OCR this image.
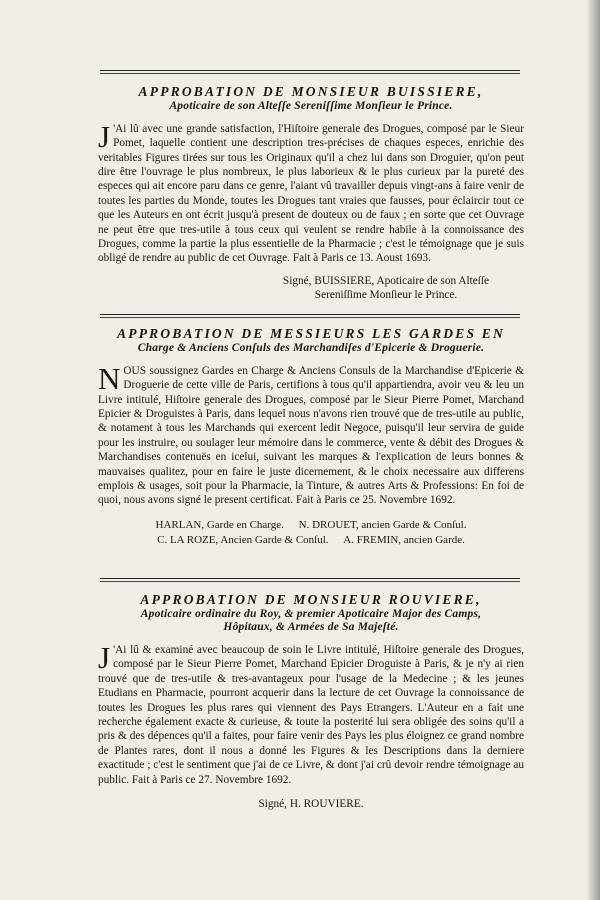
APPROBATION DE MONSIEUR BUISSIERE,
Apoticaire de son Alteſſe Sereniſſime Monſieur le Prince.
J 'Ai lû avec une grande satisfaction, l'Hiſtoire generale des Drogues, composé par le Sieur Pomet, laquelle contient une description tres-précises de chaques especes, enrichie des veritables Figures tirées sur tous les Originaux qu'il a chez lui dans son Droguier, qu'on peut dire être l'ouvrage le plus nombreux, le plus laborieux & le plus curieux par la pureté des especes qui ait encore paru dans ce genre, l'aiant vû travailler depuis vingt-ans à faire venir de toutes les parties du Monde, toutes les Drogues tant vraies que fausses, pour éclaircir tout ce que les Auteurs en ont écrit jusqu'à present de douteux ou de faux ; en sorte que cet Ouvrage ne peut être que tres-utile à tous ceux qui veulent se rendre habile à la connoissance des Drogues, comme la partie la plus essentielle de la Pharmacie ; c'est le témoignage que je suis obligé de rendre au public de cet Ouvrage. Fait à Paris ce 13. Aoust 1693.
Signé, BUISSIERE, Apoticaire de son Alteſſe
Sereniſſime Monſieur le Prince.
APPROBATION DE MESSIEURS LES GARDES EN
Charge & Anciens Conſuls des Marchandiſes d'Epicerie & Droguerie.
N OUS soussignez Gardes en Charge & Anciens Consuls de la Marchandise d'Epicerie & Droguerie de cette ville de Paris, certifions à tous qu'il appartiendra, avoir veu & leu un Livre intitulé, Hiſtoire generale des Drogues, composé par le Sieur Pierre Pomet, Marchand Epicier & Droguistes à Paris, dans lequel nous n'avons rien trouvé que de tres-utile au public, & notament à tous les Marchands qui exercent ledit Negoce, puisqu'il leur servira de guide pour les instruire, ou soulager leur mémoire dans le commerce, vente & débit des Drogues & Marchandises contenuës en icelui, suivant les marques & l'explication de leurs bonnes & mauvaises qualitez, pour en faire le juste dicernement, & le choix necessaire aux differens emplois & usages, soit pour la Pharmacie, la Tinture, & autres Arts & Professions: En foi de quoi, nous avons signé le present certificat. Fait à Paris ce 25. Novembre 1692.
HARLAN, Garde en Charge. N. DROUET, ancien Garde & Conſul.
C. LA ROZE, Ancien Garde & Conſul. A. FREMIN, ancien Garde.
APPROBATION DE MONSIEUR ROUVIERE,
Apoticaire ordinaire du Roy, & premier Apoticaire Major des Camps,
Hôpitaux, & Armées de Sa Majeſté.
J 'Ai lû & examiné avec beaucoup de soin le Livre intitulé, Hiſtoire generale des Drogues, composé par le Sieur Pierre Pomet, Marchand Epicier Droguiste à Paris, & je n'y ai rien trouvé que de tres-utile & tres-avantageux pour l'usage de la Medecine ; & les jeunes Etudians en Pharmacie, pourront acquerir dans la lecture de cet Ouvrage la connoissance de toutes les Drogues les plus rares qui viennent des Pays Etrangers. L'Auteur en a fait une recherche également exacte & curieuse, & toute la posterité lui sera obligée des soins qu'il a pris & des dépences qu'il a faites, pour faire venir des Pays les plus éloignez ce grand nombre de Plantes rares, dont il nous a donné les Figures & les Descriptions dans la derniere exactitude ; c'est le sentiment que j'ai de ce Livre, & dont j'ai crû devoir rendre témoignage au public. Fait à Paris ce 27. Novembre 1692.
Signé, H. ROUVIERE.
